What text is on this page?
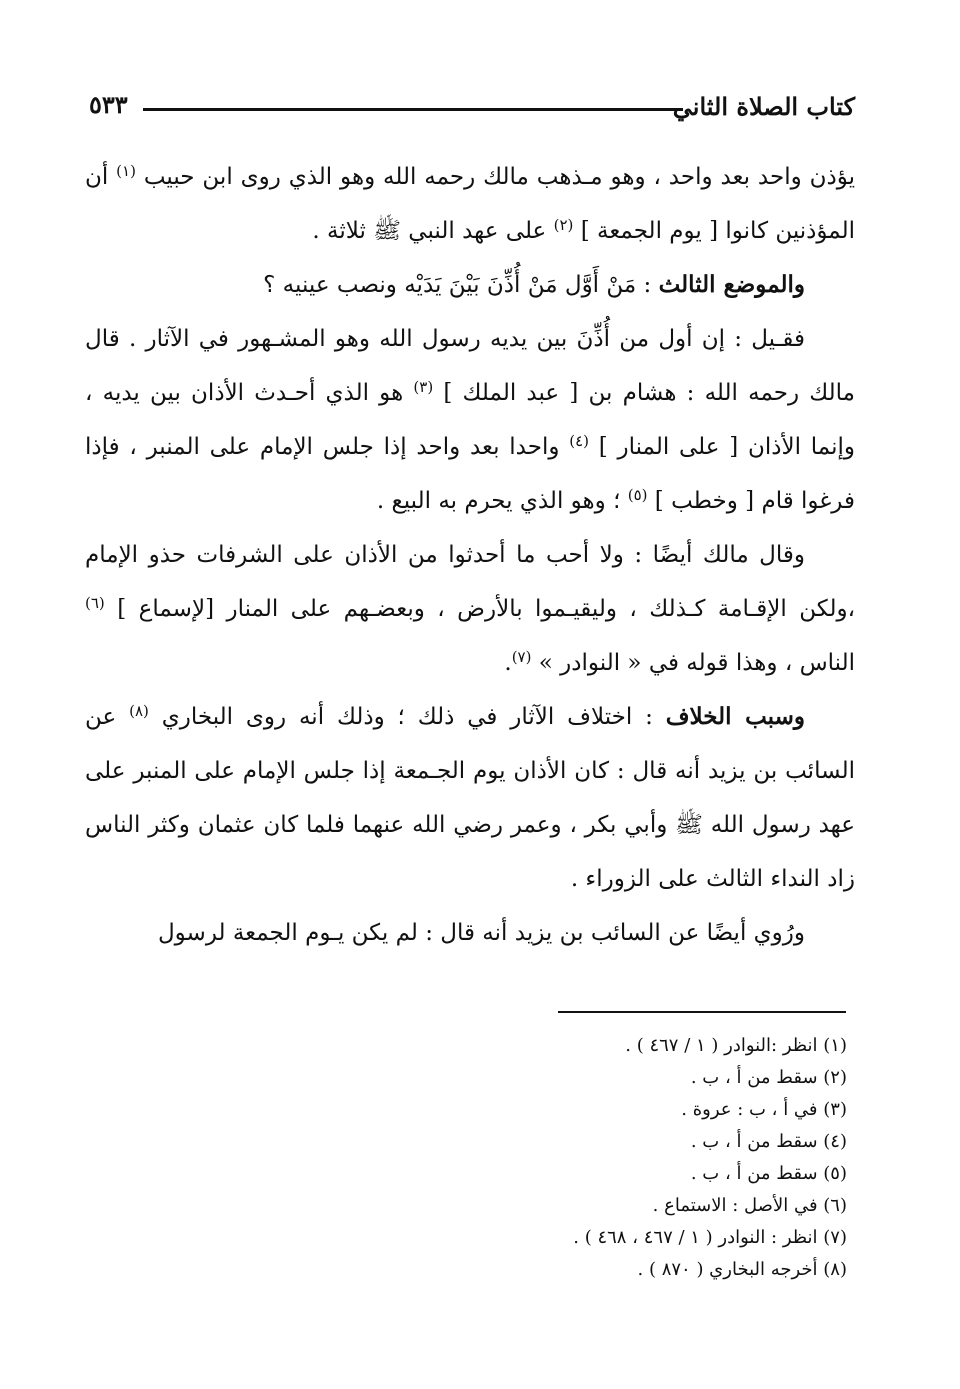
٥٣٣	كتاب الصلاة الثاني

يؤذن واحد بعد واحد ، وهو مـذهب مالك رحمه الله وهو الذي روى ابن حبيب $^{(١)}$ أن المؤذنين كانوا [ يوم الجمعة ] $^{(٢)}$ على عهد النبي ﷺ ثلاثة .

والموضع الثالث : مَنْ أَوَّل مَنْ أُذِّنَ بَيْنَ يَدَيْه ونصب عينيه ؟

فقـيل : إن أول من أُذِّنَ بين يديه رسول الله وهو المشـهور في الآثار . قال مالك رحمه الله : هشام بن [ عبد الملك ] $^{(٣)}$ هو الذي أحـدث الأذان بين يديه ، وإنما الأذان [ على المنار ] $^{(٤)}$ واحدا بعد واحد إذا جلس الإمام على المنبر ، فإذا فرغوا قام [ وخطب ] $^{(٥)}$ ؛ وهو الذي يحرم به البيع .

وقال مالك أيضًا : ولا أحب ما أحدثوا من الأذان على الشرفات حذو الإمام ،ولكن الإقـامة كـذلك ، وليقيـموا بالأرض ، وبعضـهم على المنار [لإسماع ] $^{(٦)}$ الناس ، وهذا قوله في « النوادر » $^{(٧)}$.

وسبب الخلاف : اختلاف الآثار في ذلك ؛ وذلك أنه روى البخاري $^{(٨)}$ عن السائب بن يزيد أنه قال : كان الأذان يوم الجـمعة إذا جلس الإمام على المنبر على عهد رسول الله ﷺ وأبي بكر ، وعمر رضي الله عنهما فلما كان عثمان وكثر الناس زاد النداء الثالث على الزوراء .

ورُوي أيضًا عن السائب بن يزيد أنه قال : لم يكن يـوم الجمعة لرسول

(١) انظر :النوادر ( ١ / ٤٦٧ ) .
(٢) سقط من أ ، ب .
(٣) في أ ، ب : عروة .
(٤) سقط من أ ، ب .
(٥) سقط من أ ، ب .
(٦) في الأصل : الاستماع .
(٧) انظر : النوادر ( ١ / ٤٦٧ ، ٤٦٨ ) .
(٨) أخرجه البخاري ( ٨٧٠ ) .
